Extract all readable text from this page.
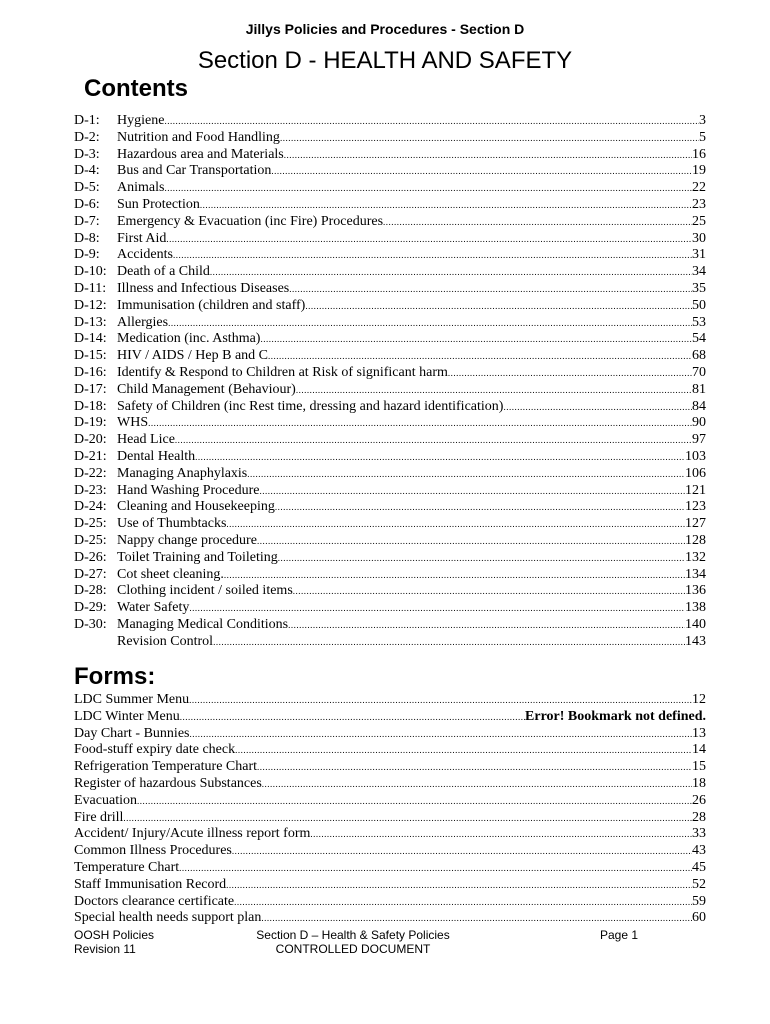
Jillys Policies and Procedures - Section D
Section D - HEALTH AND SAFETY
Contents
D-1:	Hygiene .....	3
D-2:	Nutrition and Food Handling .....	5
D-3:	Hazardous area and Materials .....	16
D-4:	Bus and Car Transportation .....	19
D-5:	Animals .....	22
D-6:	Sun Protection .....	23
D-7:	Emergency & Evacuation (inc Fire) Procedures .....	25
D-8:	First Aid .....	30
D-9:	Accidents .....	31
D-10: Death of a Child .....	34
D-11: Illness and Infectious Diseases .....	35
D-12: Immunisation (children and staff) .....	50
D-13: Allergies .....	53
D-14: Medication (inc. Asthma) .....	54
D-15: HIV / AIDS / Hep B and C .....	68
D-16: Identify & Respond to Children at Risk of significant harm .....	70
D-17: Child Management (Behaviour) .....	81
D-18: Safety of Children (inc Rest time, dressing and hazard identification) .....	84
D-19: WHS .....	90
D-20: Head Lice .....	97
D-21: Dental Health .....	103
D-22: Managing Anaphylaxis .....	106
D-23: Hand Washing Procedure .....	121
D-24: Cleaning and Housekeeping .....	123
D-25: Use of Thumbtacks .....	127
D-25: Nappy change procedure .....	128
D-26: Toilet Training and Toileting .....	132
D-27: Cot sheet cleaning. .....	134
D-28: Clothing incident / soiled items .....	136
D-29: Water Safety .....	138
D-30: Managing Medical Conditions .....	140
Revision Control .....	143
Forms:
LDC Summer Menu .....	12
LDC Winter Menu .....	Error! Bookmark not defined.
Day Chart - Bunnies .....	13
Food-stuff expiry date check .....	14
Refrigeration Temperature Chart .....	15
Register of hazardous Substances .....	18
Evacuation .....	26
Fire drill .....	28
Accident/ Injury/Acute illness report form .....	33
Common Illness Procedures .....	43
Temperature Chart .....	45
Staff Immunisation Record .....	52
Doctors clearance certificate .....	59
Special health needs support plan .....	60
OOSH Policies
Revision 11
Section D – Health & Safety Policies
CONTROLLED DOCUMENT
Page 1
